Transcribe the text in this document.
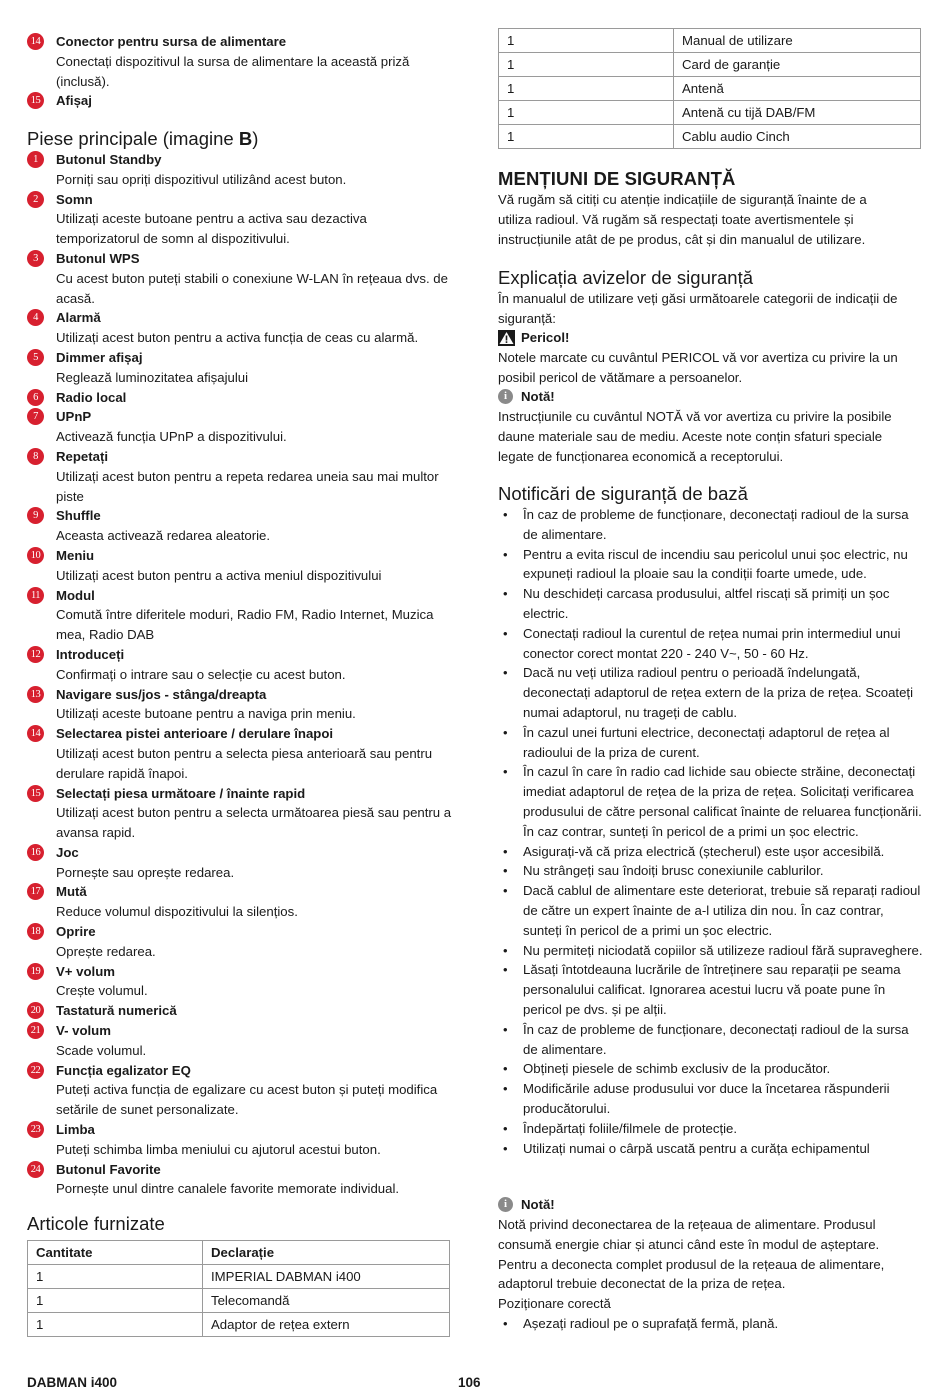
14 Conector pentru sursa de alimentare
Conectați dispozitivul la sursa de alimentare la această priză (inclusă).
15 Afișaj
Piese principale (imagine B)
1	Butonul Standby
Porniți sau opriți dispozitivul utilizând acest buton.
2	Somn
Utilizați aceste butoane pentru a activa sau dezactiva temporizatorul de somn al dispozitivului.
3	Butonul WPS
Cu acest buton puteți stabili o conexiune W-LAN în rețeaua dvs. de acasă.
4	Alarmă
Utilizați acest buton pentru a activa funcția de ceas cu alarmă.
5	Dimmer afișaj
Reglează luminozitatea afișajului
6	Radio local
7	UPnP
Activează funcția UPnP a dispozitivului.
8	Repetați
Utilizați acest buton pentru a repeta redarea uneia sau mai multor piste
9	Shuffle
Aceasta activează redarea aleatorie.
10 Meniu
Utilizați acest buton pentru a activa meniul dispozitivului
11 Modul
Comută între diferitele moduri, Radio FM, Radio Internet, Muzica mea, Radio DAB
12 Introduceți
Confirmați o intrare sau o selecție cu acest buton.
13 Navigare sus/jos - stânga/dreapta
Utilizați aceste butoane pentru a naviga prin meniu.
14 Selectarea pistei anterioare / derulare înapoi
Utilizați acest buton pentru a selecta piesa anterioară sau pentru derulare rapidă înapoi.
15 Selectați piesa următoare / înainte rapid
Utilizați acest buton pentru a selecta următoarea piesă sau pentru a avansa rapid.
16 Joc
Pornește sau oprește redarea.
17 Mută
Reduce volumul dispozitivului la silențios.
18 Oprire
Oprește redarea.
19 V+ volum
Crește volumul.
20 Tastatură numerică
21 V- volum
Scade volumul.
22 Funcția egalizator EQ
Puteți activa funcția de egalizare cu acest buton și puteți modifica setările de sunet personalizate.
23 Limba
Puteți schimba limba meniului cu ajutorul acestui buton.
24 Butonul Favorite
Pornește unul dintre canalele favorite memorate individual.
Articole furnizate
Cantitate	Declarație
1	IMPERIAL DABMAN i400
1	Telecomandă
1	Adaptor de rețea extern
1	Manual de utilizare
1	Card de garanție
1	Antenă
1	Antenă cu tijă DAB/FM
1	Cablu audio Cinch
MENȚIUNI DE SIGURANȚĂ
Vă rugăm să citiți cu atenție indicațiile de siguranță înainte de a utiliza radioul. Vă rugăm să respectați toate avertismentele și instrucțiunile atât de pe produs, cât și din manualul de utilizare.
Explicația avizelor de siguranță
În manualul de utilizare veți găsi următoarele categorii de indicații de siguranță:
Pericol!
Notele marcate cu cuvântul PERICOL vă vor avertiza cu privire la un posibil pericol de vătămare a persoanelor.
i	Notă!
Instrucțiunile cu cuvântul NOTĂ vă vor avertiza cu privire la posibile daune materiale sau de mediu. Aceste note conțin sfaturi speciale legate de funcționarea economică a receptorului.
Notificări de siguranță de bază
• În caz de probleme de funcționare, deconectați radioul de la sursa de alimentare.
• Pentru a evita riscul de incendiu sau pericolul unui șoc electric, nu expuneți radioul la ploaie sau la condiții foarte umede, ude.
• Nu deschideți carcasa produsului, altfel riscați să primiți un șoc electric.
• Conectați radioul la curentul de rețea numai prin intermediul unui conector corect montat 220 - 240 V~, 50 - 60 Hz.
• Dacă nu veți utiliza radioul pentru o perioadă îndelungată, deconectați adaptorul de rețea extern de la priza de rețea. Scoateți numai adaptorul, nu trageți de cablu.
• În cazul unei furtuni electrice, deconectați adaptorul de rețea al radioului de la priza de curent.
• În cazul în care în radio cad lichide sau obiecte străine, deconectați imediat adaptorul de rețea de la priza de rețea. Solicitați verificarea produsului de către personal calificat înainte de reluarea funcționării. În caz contrar, sunteți în pericol de a primi un șoc electric.
• Asigurați-vă că priza electrică (ștecherul) este ușor accesibilă.
• Nu strângeți sau îndoiți brusc conexiunile cablurilor.
• Dacă cablul de alimentare este deteriorat, trebuie să reparați radioul de către un expert înainte de a-l utiliza din nou. În caz contrar, sunteți în pericol de a primi un șoc electric.
• Nu permiteți niciodată copiilor să utilizeze radioul fără supraveghere.
• Lăsați întotdeauna lucrările de întreținere sau reparații pe seama personalului calificat. Ignorarea acestui lucru vă poate pune în pericol pe dvs. și pe alții.
• În caz de probleme de funcționare, deconectați radioul de la sursa de alimentare.
• Obțineți piesele de schimb exclusiv de la producător.
• Modificările aduse produsului vor duce la încetarea răspunderii producătorului.
• Îndepărtați foliile/filmele de protecție.
• Utilizați numai o cârpă uscată pentru a curăța echipamentul
i	Notă!
Notă privind deconectarea de la rețeaua de alimentare. Produsul consumă energie chiar și atunci când este în modul de așteptare. Pentru a deconecta complet produsul de la rețeaua de alimentare, adaptorul trebuie deconectat de la priza de rețea.
Poziționare corectă
• Așezați radioul pe o suprafață fermă, plană.
DABMAN i400	106
